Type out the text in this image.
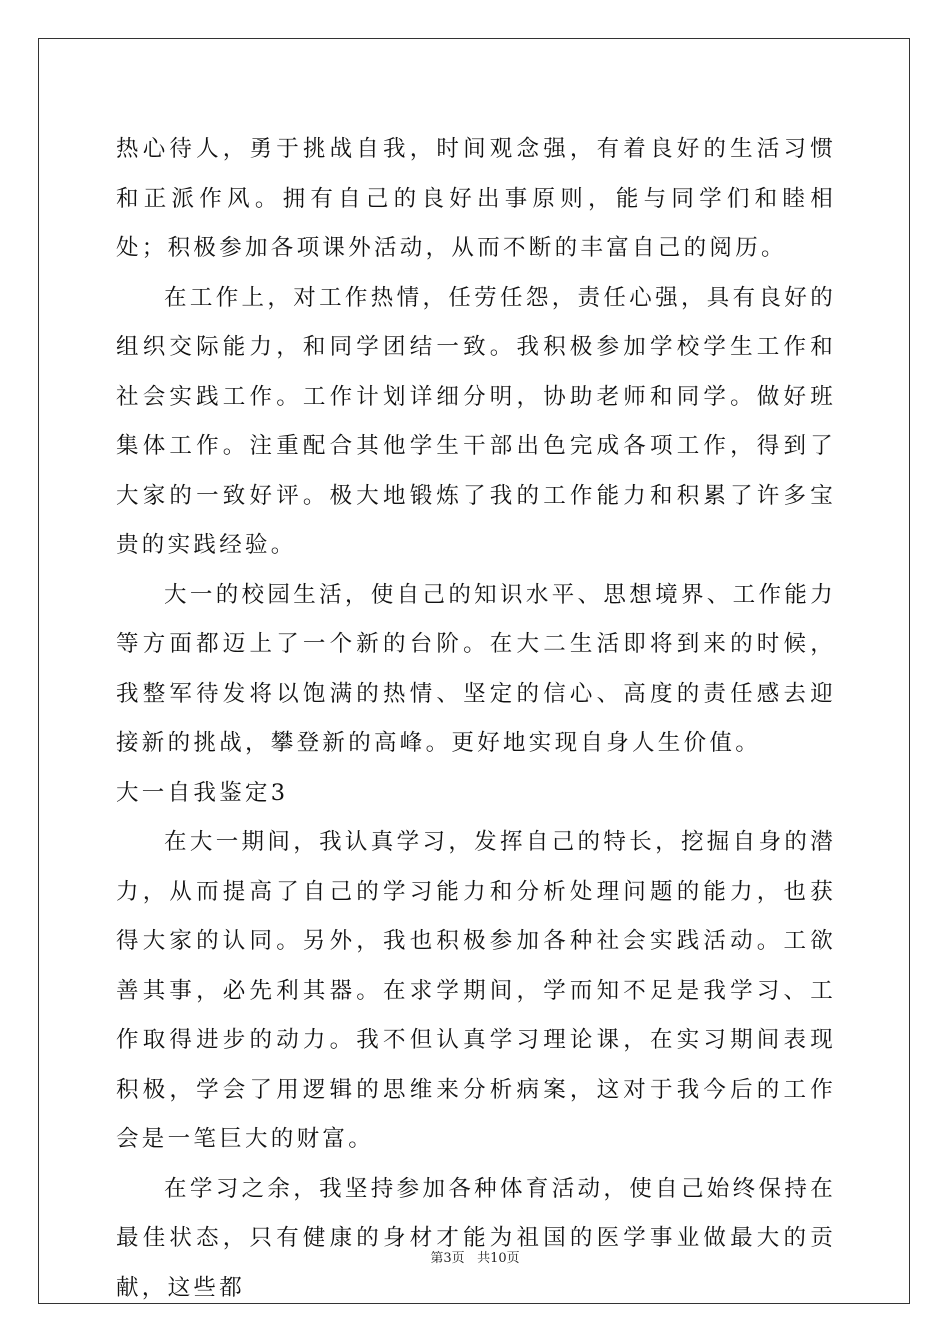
热心待人，勇于挑战自我，时间观念强，有着良好的生活习惯和正派作风。拥有自己的良好出事原则，能与同学们和睦相处；积极参加各项课外活动，从而不断的丰富自己的阅历。

在工作上，对工作热情，任劳任怨，责任心强，具有良好的组织交际能力，和同学团结一致。我积极参加学校学生工作和社会实践工作。工作计划详细分明，协助老师和同学。做好班集体工作。注重配合其他学生干部出色完成各项工作，得到了大家的一致好评。极大地锻炼了我的工作能力和积累了许多宝贵的实践经验。

大一的校园生活，使自己的知识水平、思想境界、工作能力等方面都迈上了一个新的台阶。在大二生活即将到来的时候，我整军待发将以饱满的热情、坚定的信心、高度的责任感去迎接新的挑战，攀登新的高峰。更好地实现自身人生价值。

大一自我鉴定3

在大一期间，我认真学习，发挥自己的特长，挖掘自身的潜力，从而提高了自己的学习能力和分析处理问题的能力，也获得大家的认同。另外，我也积极参加各种社会实践活动。工欲善其事，必先利其器。在求学期间，学而知不足是我学习、工作取得进步的动力。我不但认真学习理论课，在实习期间表现积极，学会了用逻辑的思维来分析病案，这对于我今后的工作会是一笔巨大的财富。

在学习之余，我坚持参加各种体育活动，使自己始终保持在最佳状态，只有健康的身材才能为祖国的医学事业做最大的贡献，这些都

第3页 共10页
